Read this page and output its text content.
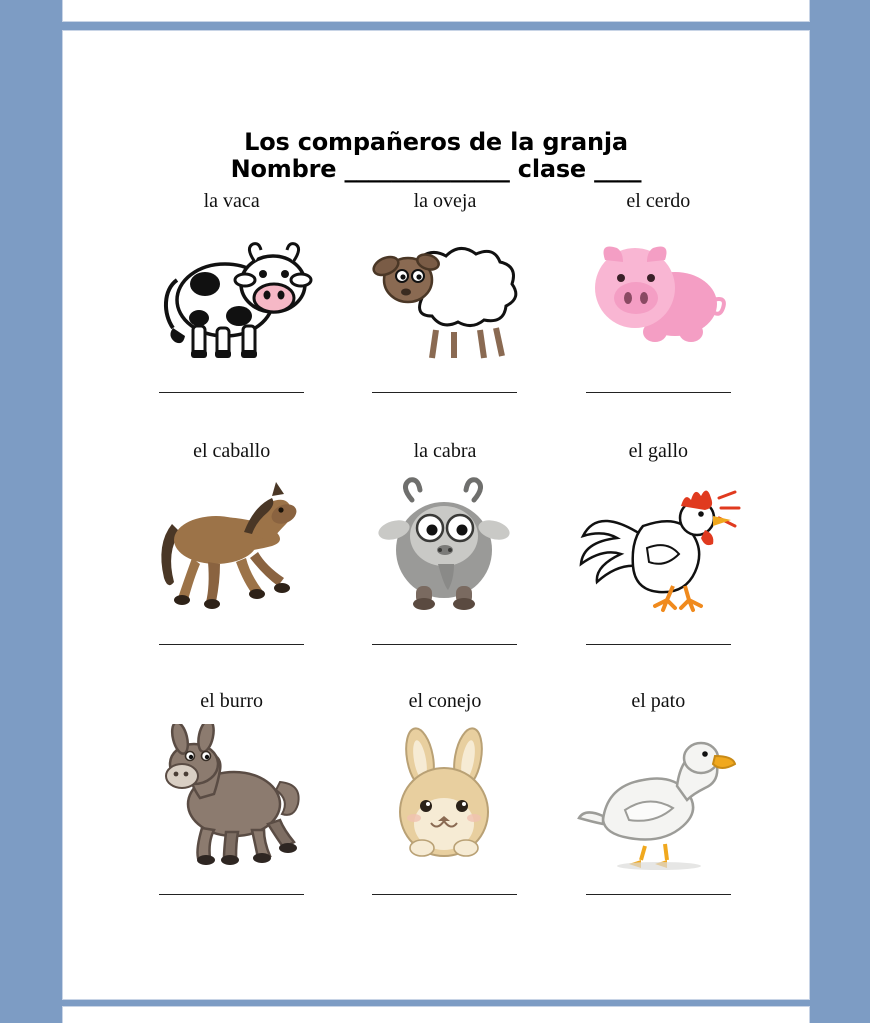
Los compañeros de la granja
Nombre ______________ clase ____
la vaca	la oveja	el cerdo
el caballo	la cabra	el gallo
el burro	el conejo	el pato
